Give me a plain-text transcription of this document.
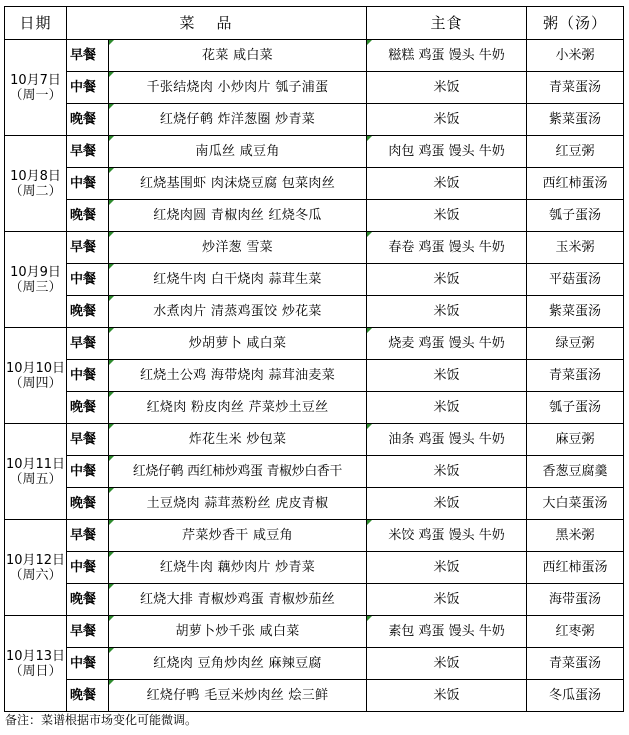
日期	菜品		主食	粥（汤）

10月7日
（周一）	早餐	花菜 咸白菜	糍糕 鸡蛋 馒头 牛奶	小米粥
	中餐	千张结烧肉 小炒肉片 瓠子浦蛋	米饭	青菜蛋汤
	晚餐	红烧仔鹌 炸洋葱圈 炒青菜	米饭	紫菜蛋汤

10月8日
（周二）	早餐	南瓜丝 咸豆角	肉包 鸡蛋 馒头 牛奶	红豆粥
	中餐	红烧基围虾 肉沫烧豆腐 包菜肉丝	米饭	西红柿蛋汤
	晚餐	红烧肉圆 青椒肉丝 红烧冬瓜	米饭	瓠子蛋汤

10月9日
（周三）	早餐	炒洋葱 雪菜	春卷 鸡蛋 馒头 牛奶	玉米粥
	中餐	红烧牛肉 白干烧肉 蒜茸生菜	米饭	平菇蛋汤
	晚餐	水煮肉片 清蒸鸡蛋饺 炒花菜	米饭	紫菜蛋汤

10月10日
（周四）	早餐	炒胡萝卜 咸白菜	烧麦 鸡蛋 馒头 牛奶	绿豆粥
	中餐	红烧土公鸡 海带烧肉 蒜茸油麦菜	米饭	青菜蛋汤
	晚餐	红烧肉 粉皮肉丝 芹菜炒土豆丝	米饭	瓠子蛋汤

10月11日
（周五）	早餐	炸花生米 炒包菜	油条 鸡蛋 馒头 牛奶	麻豆粥
	中餐	红烧仔鹌 西红柿炒鸡蛋 青椒炒白香干	米饭	香葱豆腐羹
	晚餐	土豆烧肉 蒜茸蒸粉丝 虎皮青椒	米饭	大白菜蛋汤

10月12日
（周六）	早餐	芹菜炒香干 咸豆角	米饺 鸡蛋 馒头 牛奶	黑米粥
	中餐	红烧牛肉 藕炒肉片 炒青菜	米饭	西红柿蛋汤
	晚餐	红烧大排 青椒炒鸡蛋 青椒炒茄丝	米饭	海带蛋汤

10月13日
（周日）	早餐	胡萝卜炒千张 咸白菜	素包 鸡蛋 馒头 牛奶	红枣粥
	中餐	红烧肉 豆角炒肉丝 麻辣豆腐	米饭	青菜蛋汤
	晚餐	红烧仔鸭 毛豆米炒肉丝 烩三鲜	米饭	冬瓜蛋汤
备注：菜谱根据市场变化可能微调。
